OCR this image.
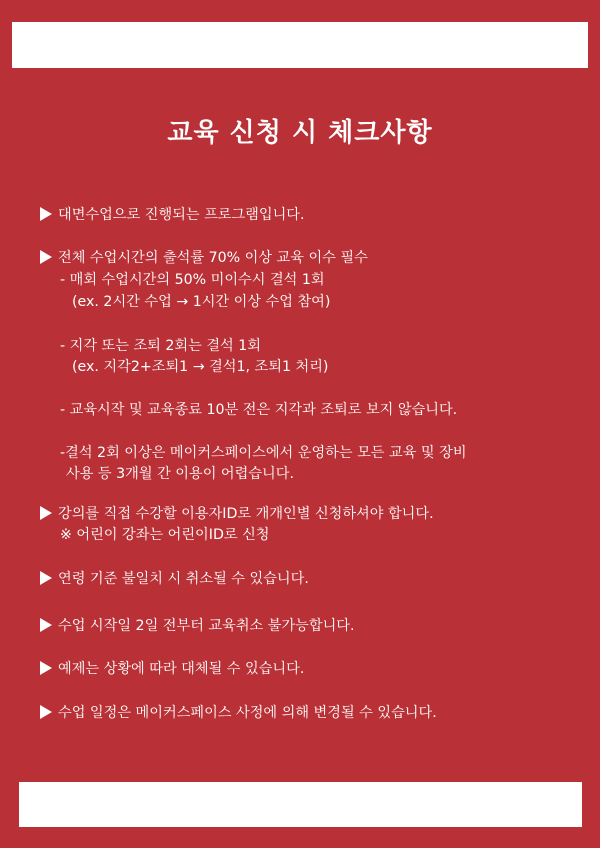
교육 신청 시 체크사항
대면수업으로 진행되는 프로그램입니다.
전체 수업시간의 출석률 70% 이상 교육 이수 필수
- 매회 수업시간의 50% 미이수시 결석 1회
(ex. 2시간 수업 → 1시간 이상 수업 참여)
- 지각 또는 조퇴 2회는 결석 1회
(ex. 지각2+조퇴1 → 결석1, 조퇴1 처리)
- 교육시작 및 교육종료 10분 전은 지각과 조퇴로 보지 않습니다.
-결석 2회 이상은 메이커스페이스에서 운영하는 모든 교육 및 장비
사용 등 3개월 간 이용이 어렵습니다.
강의를 직접 수강할 이용자ID로 개개인별 신청하셔야 합니다.
※ 어린이 강좌는 어린이ID로 신청
연령 기준 불일치 시 취소될 수 있습니다.
수업 시작일 2일 전부터 교육취소 불가능합니다.
예제는 상황에 따라 대체될 수 있습니다.
수업 일정은 메이커스페이스 사정에 의해 변경될 수 있습니다.
